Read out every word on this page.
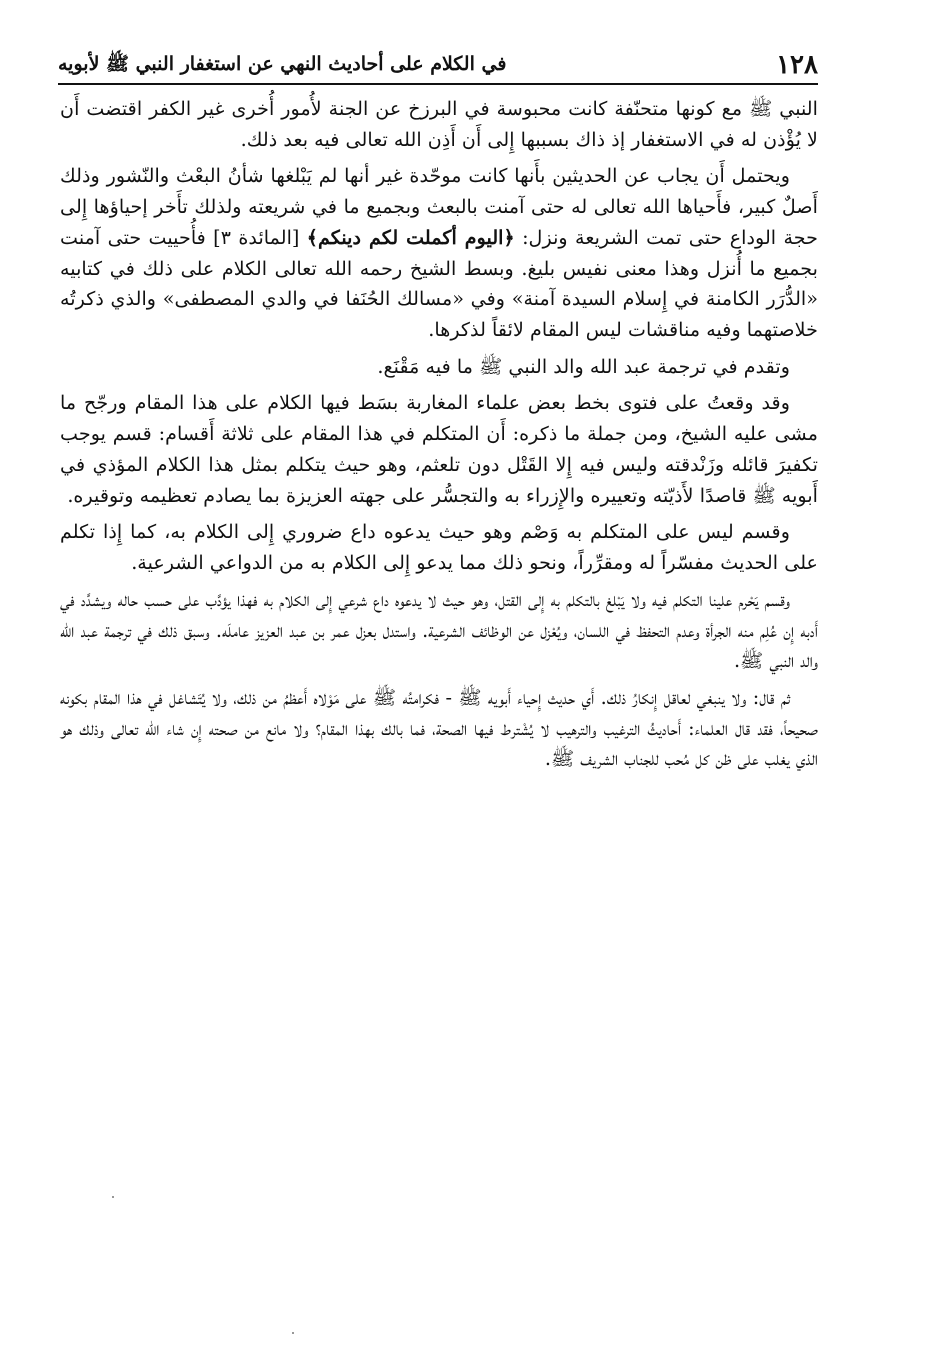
١٢٨
في الكلام على أحاديث النهي عن استغفار النبي ﷺ لأبويه

النبي ﷺ مع كونها متحنّفة كانت محبوسة في البرزخ عن الجنة لأُمور أُخرى غير الكفر اقتضت أَن لا يُؤْذن له في الاستغفار إذ ذاك بسببها إِلى أَن أَذِن الله تعالى فيه بعد ذلك.

ويحتمل أَن يجاب عن الحديثين بأَنها كانت موحّدة غير أنها لم يَبْلغها شأنُ البعْث والنّشور وذلك أَصلٌ كبير، فأَحياها الله تعالى له حتى آمنت بالبعث وبجميع ما في شريعته ولذلك تأَخر إحياؤها إِلى حجة الوداع حتى تمت الشريعة ونزل: ﴿اليوم أكملت لكم دينكم﴾ [المائدة ٣] فأُحييت حتى آمنت بجميع ما أُنزل وهذا معنى نفيس بليغ. وبسط الشيخ رحمه الله تعالى الكلام على ذلك في كتابيه «الدُّرَر الكامنة في إِسلام السيدة آمنة» وفي «مسالك الحُنَفا في والدي المصطفى» والذي ذكرتُه خلاصتهما وفيه مناقشات ليس المقام لائقاً لذكرها.

وتقدم في ترجمة عبد الله والد النبي ﷺ ما فيه مَقْنَع.

وقد وقعتُ على فتوى بخط بعض علماء المغاربة بسَط فيها الكلام على هذا المقام ورجّح ما مشى عليه الشيخ، ومن جملة ما ذكره: أَن المتكلم في هذا المقام على ثلاثة أَقسام: قسم يوجب تكفيرَ قائله وزَنْدقته وليس فيه إِلا القَتْل دون تلعثم، وهو حيث يتكلم بمثل هذا الكلام المؤذي في أَبويه ﷺ قاصدًا لأَذيّته وتعييره والإِزراء به والتجسُّر على جهته العزيزة بما يصادم تعظيمه وتوقيره.

وقسم ليس على المتكلم به وَصْم وهو حيث يدعوه داع ضروري إِلى الكلام به، كما إِذا تكلم على الحديث مفسّراً له ومقرِّراً، ونحو ذلك مما يدعو إِلى الكلام به من الدواعي الشرعية.

وقسم يَحْرم علينا التكلم فيه ولا يَبْلغ بالتكلم به إِلى القتل، وهو حيث لا يدعوه داع شرعي إِلى الكلام به فهذا يؤدَّب على حسب حاله ويشدَّد في أَدبه إِن عُلِم منه الجرأة وعدم التحفظ في اللسان، ويُعْزل عن الوظائف الشرعية. واستدل بعزل عمر بن عبد العزيز عاملَه. وسبق ذلك في ترجمة عبد الله والد النبي ﷺ.

ثم قال: ولا ينبغي لعاقل إِنكارُ ذلك. أَي حديث إِحياء أَبويه ﷺ - فكرامتُه ﷺ على مَوْلاه أَعظمُ من ذلك، ولا يُتَشاغل في هذا المقام بكونه صحيحاً، فقد قال العلماء: أَحاديثُ الترغيب والترهيب لا يُشْترط فيها الصحة، فما بالك بهذا المقام؟ ولا مانع من صحته إِن شاء الله تعالى وذلك هو الذي يغلب على ظن كل مُحب للجناب الشريف ﷺ.
